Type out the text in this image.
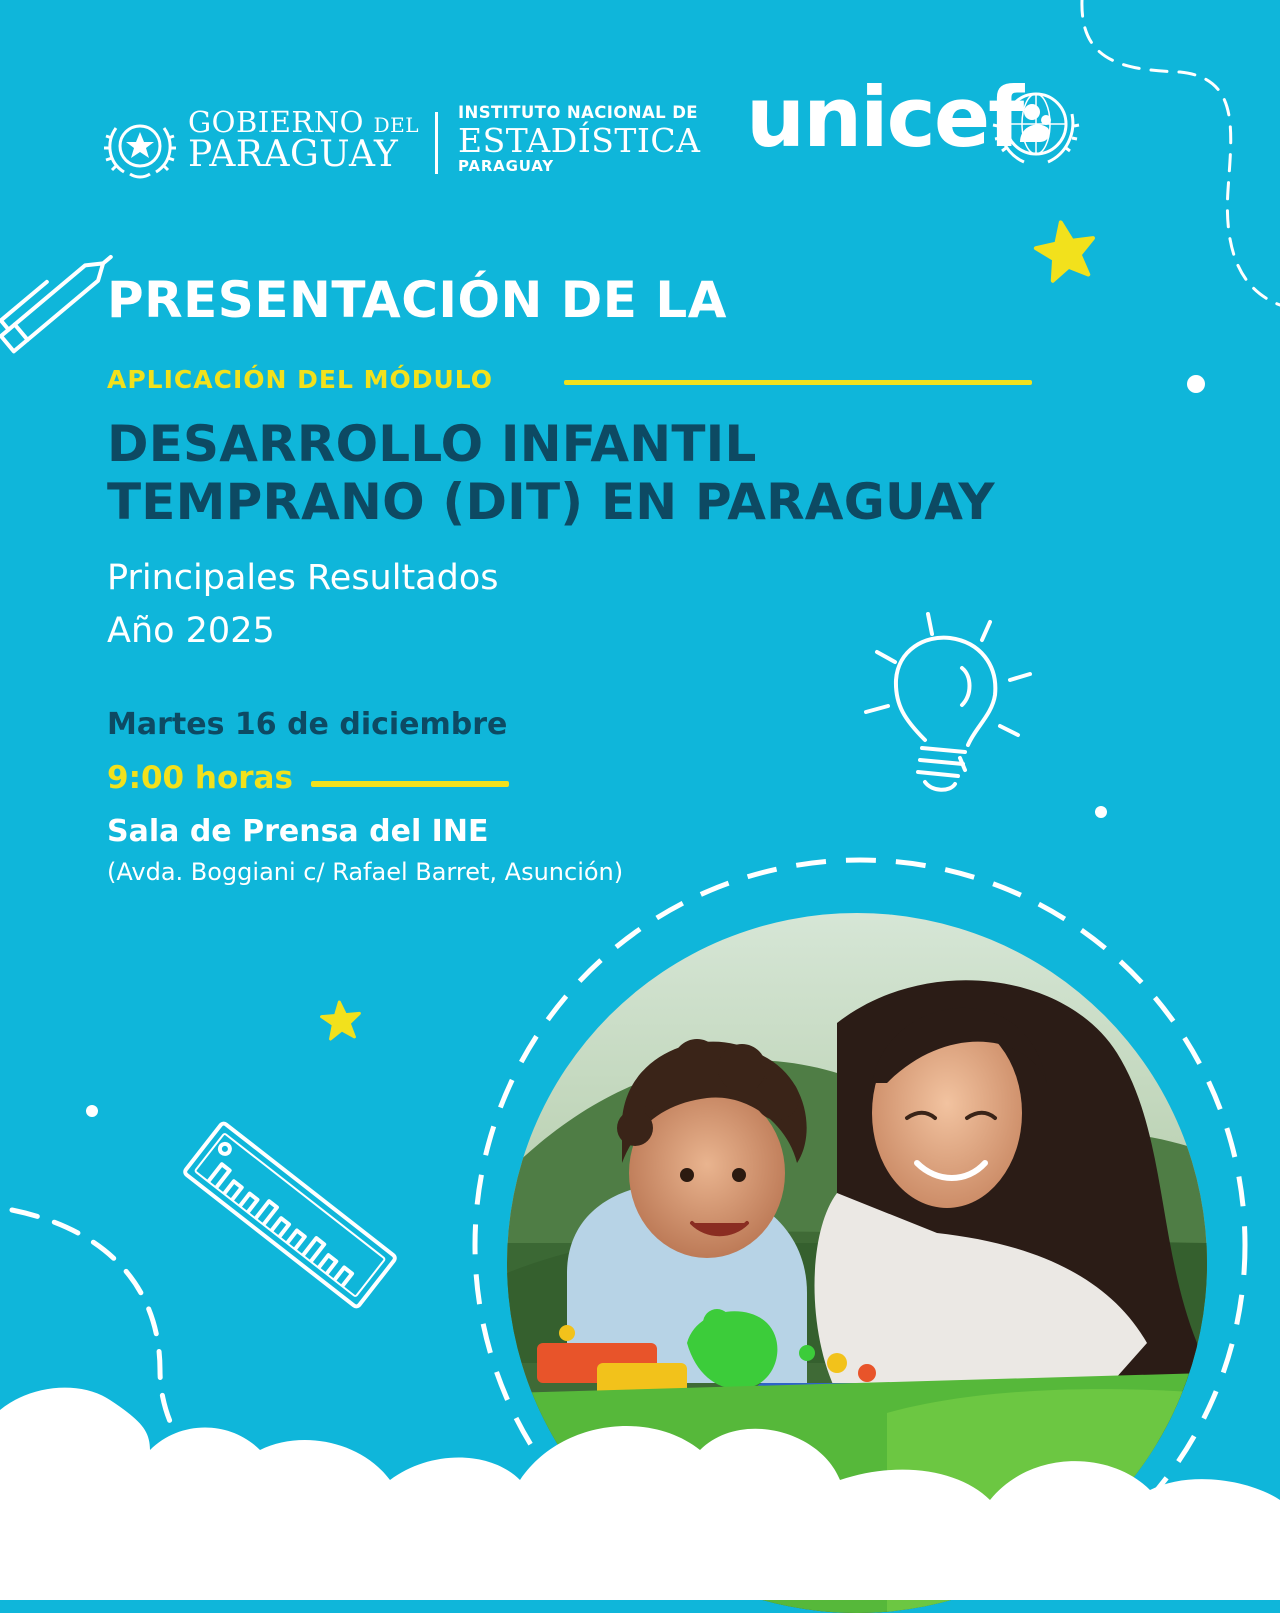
GOBIERNO DEL
PARAGUAY
INSTITUTO NACIONAL DE
ESTADÍSTICA
PARAGUAY	unicef
PRESENTACIÓN DE LA
APLICACIÓN DEL MÓDULO
DESARROLLO INFANTIL
TEMPRANO (DIT) EN PARAGUAY
Principales Resultados
Año 2025
Martes 16 de diciembre
9:00 horas
Sala de Prensa del INE
(Avda. Boggiani c/ Rafael Barret, Asunción)
